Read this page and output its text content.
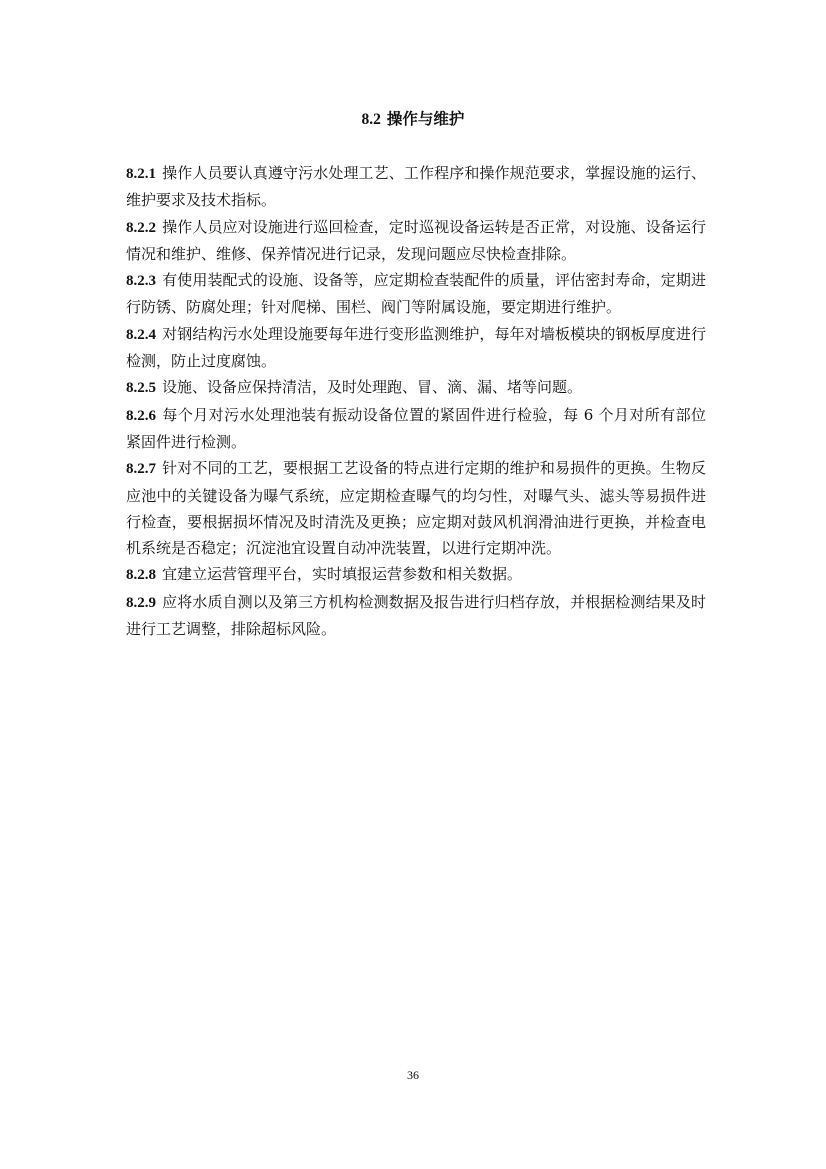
8.2 操作与维护

8.2.1 操作人员要认真遵守污水处理工艺、工作程序和操作规范要求，掌握设施的运行、维护要求及技术指标。

8.2.2 操作人员应对设施进行巡回检查，定时巡视设备运转是否正常，对设施、设备运行情况和维护、维修、保养情况进行记录，发现问题应尽快检查排除。

8.2.3 有使用装配式的设施、设备等，应定期检查装配件的质量，评估密封寿命，定期进行防锈、防腐处理；针对爬梯、围栏、阀门等附属设施，要定期进行维护。

8.2.4 对钢结构污水处理设施要每年进行变形监测维护，每年对墙板模块的钢板厚度进行检测，防止过度腐蚀。

8.2.5 设施、设备应保持清洁，及时处理跑、冒、滴、漏、堵等问题。

8.2.6 每个月对污水处理池装有振动设备位置的紧固件进行检验，每 6 个月对所有部位紧固件进行检测。

8.2.7 针对不同的工艺，要根据工艺设备的特点进行定期的维护和易损件的更换。生物反应池中的关键设备为曝气系统，应定期检查曝气的均匀性，对曝气头、滤头等易损件进行检查，要根据损坏情况及时清洗及更换；应定期对鼓风机润滑油进行更换，并检查电机系统是否稳定；沉淀池宜设置自动冲洗装置，以进行定期冲洗。

8.2.8 宜建立运营管理平台，实时填报运营参数和相关数据。

8.2.9 应将水质自测以及第三方机构检测数据及报告进行归档存放，并根据检测结果及时进行工艺调整，排除超标风险。

36
